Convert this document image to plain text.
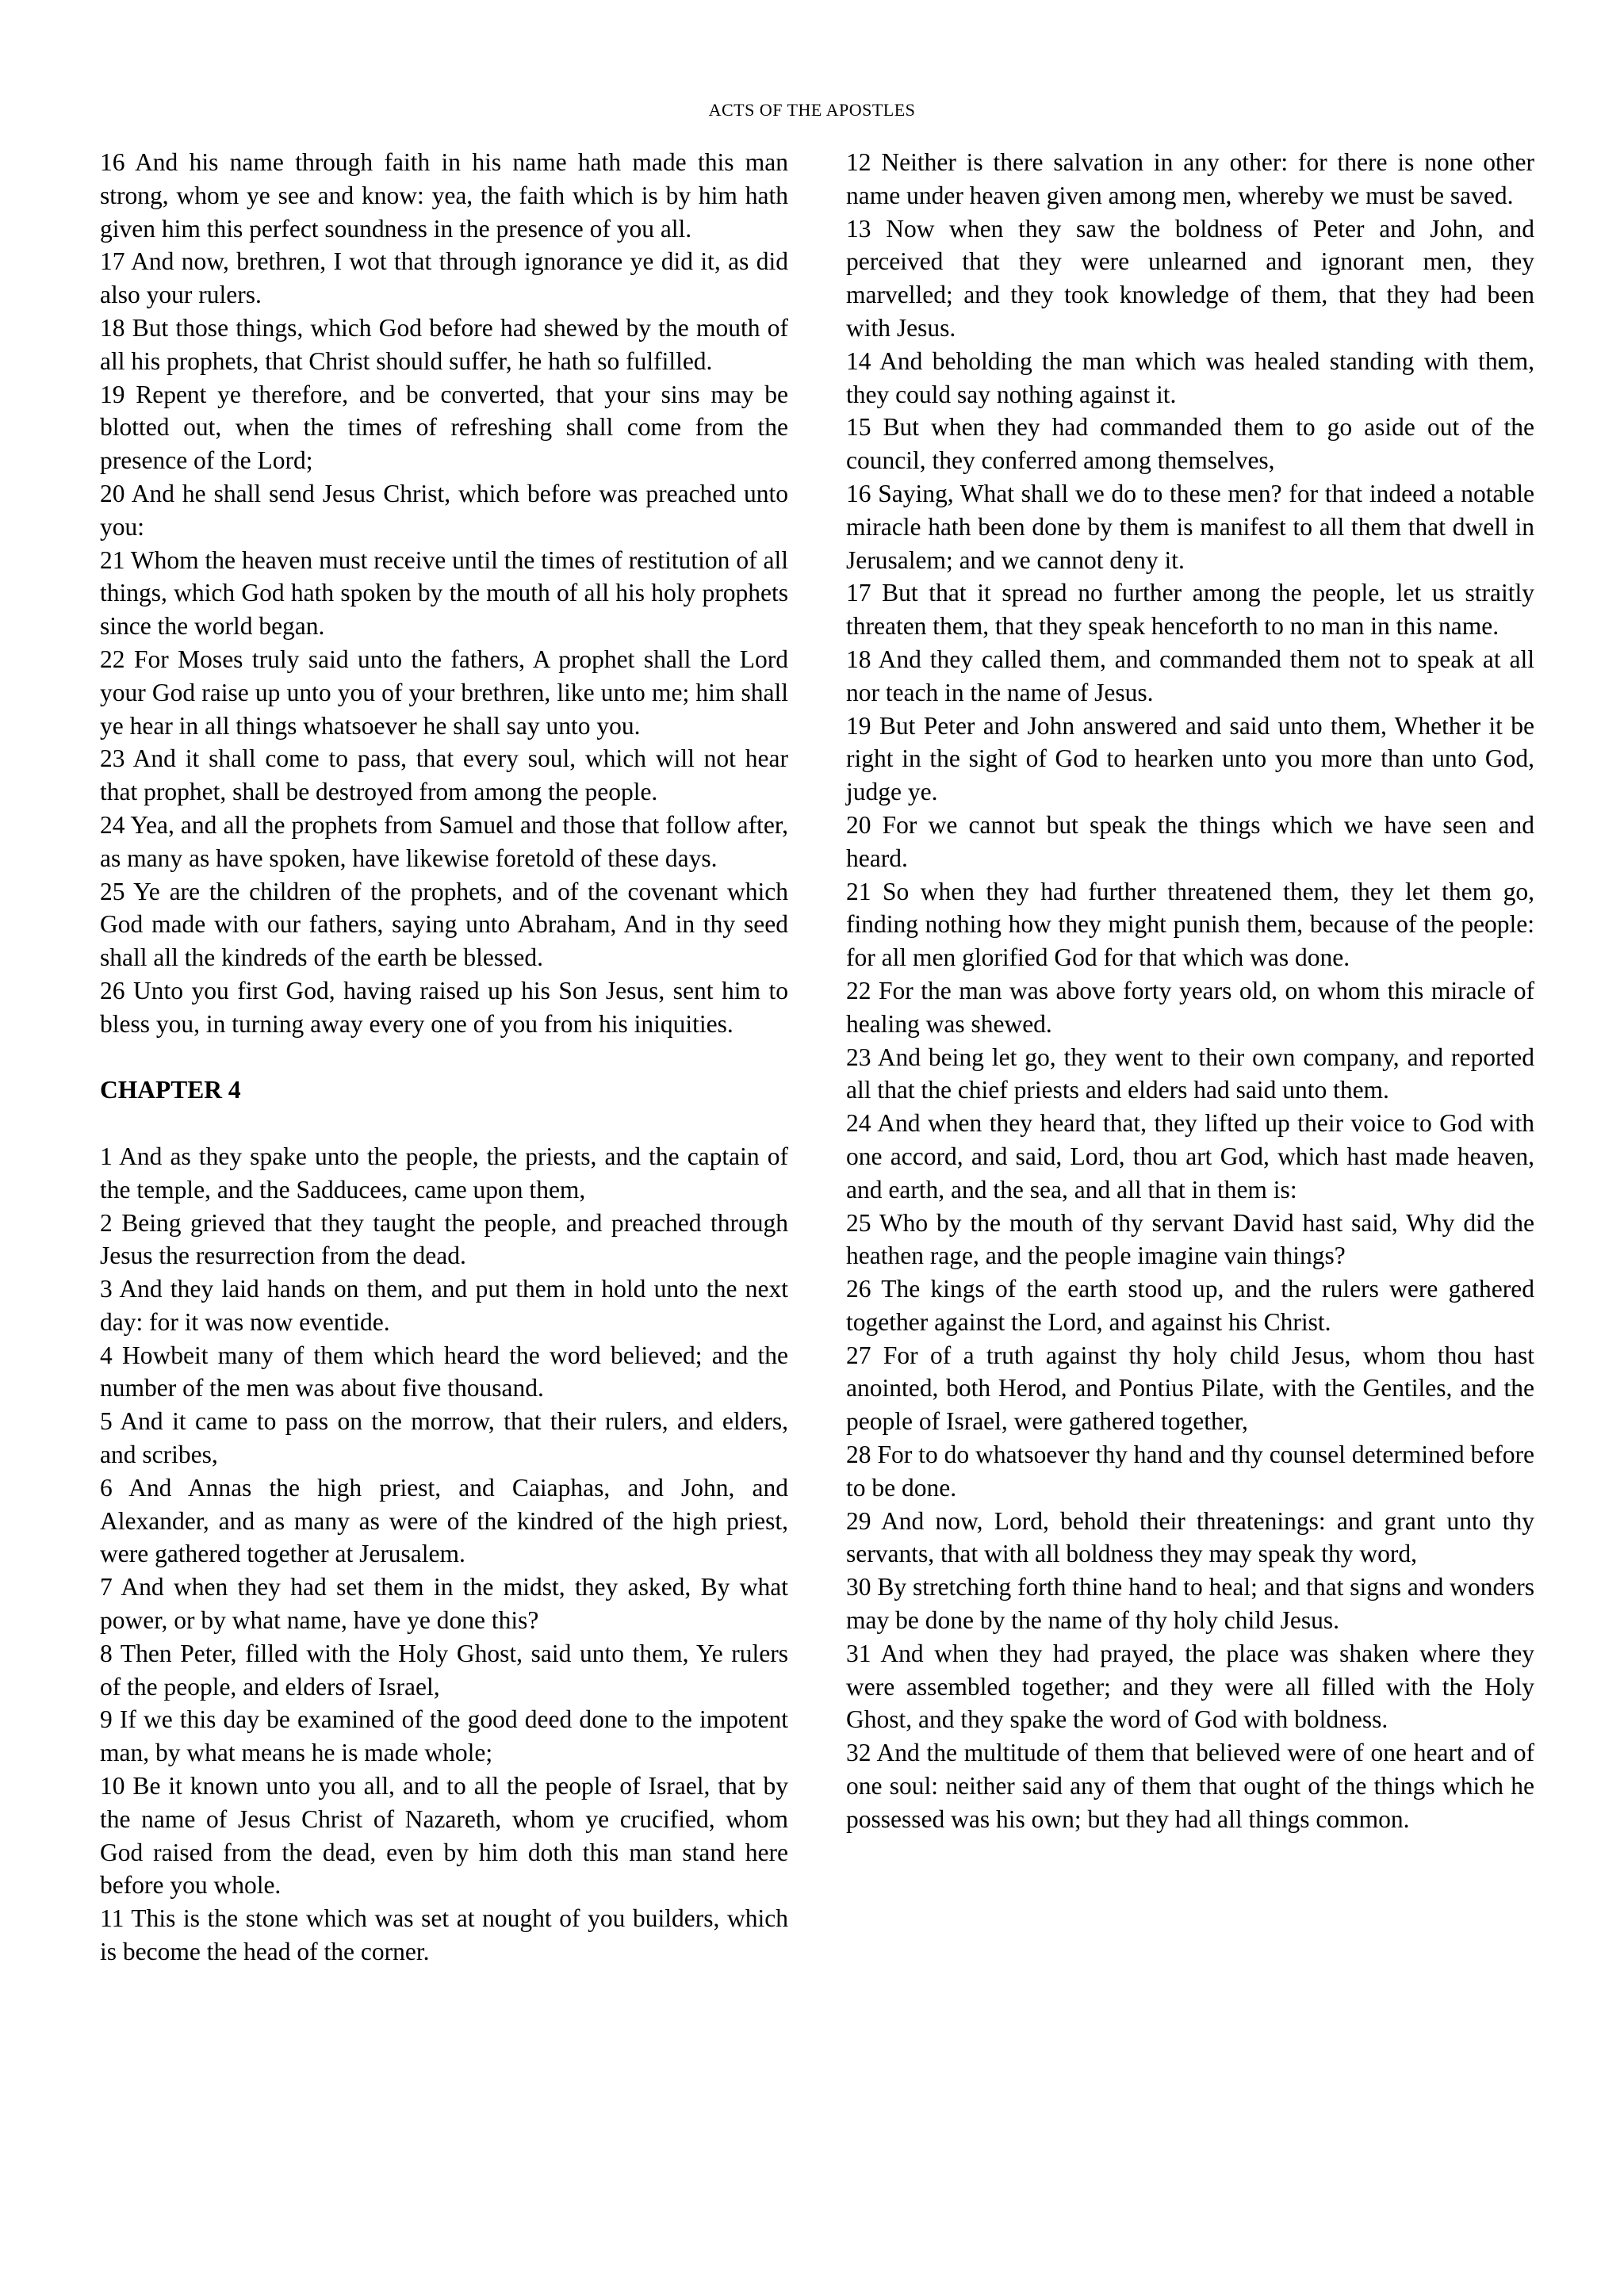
ACTS OF THE APOSTLES

16 And his name through faith in his name hath made this man strong, whom ye see and know: yea, the faith which is by him hath given him this perfect soundness in the presence of you all.

17 And now, brethren, I wot that through ignorance ye did it, as did also your rulers.

18 But those things, which God before had shewed by the mouth of all his prophets, that Christ should suffer, he hath so fulfilled.

19 Repent ye therefore, and be converted, that your sins may be blotted out, when the times of refreshing shall come from the presence of the Lord;

20 And he shall send Jesus Christ, which before was preached unto you:

21 Whom the heaven must receive until the times of restitution of all things, which God hath spoken by the mouth of all his holy prophets since the world began.

22 For Moses truly said unto the fathers, A prophet shall the Lord your God raise up unto you of your brethren, like unto me; him shall ye hear in all things whatsoever he shall say unto you.

23 And it shall come to pass, that every soul, which will not hear that prophet, shall be destroyed from among the people.

24 Yea, and all the prophets from Samuel and those that follow after, as many as have spoken, have likewise foretold of these days.

25 Ye are the children of the prophets, and of the covenant which God made with our fathers, saying unto Abraham, And in thy seed shall all the kindreds of the earth be blessed.

26 Unto you first God, having raised up his Son Jesus, sent him to bless you, in turning away every one of you from his iniquities.

CHAPTER 4

1 And as they spake unto the people, the priests, and the captain of the temple, and the Sadducees, came upon them,

2 Being grieved that they taught the people, and preached through Jesus the resurrection from the dead.

3 And they laid hands on them, and put them in hold unto the next day: for it was now eventide.

4 Howbeit many of them which heard the word believed; and the number of the men was about five thousand.

5 And it came to pass on the morrow, that their rulers, and elders, and scribes,

6 And Annas the high priest, and Caiaphas, and John, and Alexander, and as many as were of the kindred of the high priest, were gathered together at Jerusalem.

7 And when they had set them in the midst, they asked, By what power, or by what name, have ye done this?

8 Then Peter, filled with the Holy Ghost, said unto them, Ye rulers of the people, and elders of Israel,

9 If we this day be examined of the good deed done to the impotent man, by what means he is made whole;

10 Be it known unto you all, and to all the people of Israel, that by the name of Jesus Christ of Nazareth, whom ye crucified, whom God raised from the dead, even by him doth this man stand here before you whole.

11 This is the stone which was set at nought of you builders, which is become the head of the corner.

12 Neither is there salvation in any other: for there is none other name under heaven given among men, whereby we must be saved.

13 Now when they saw the boldness of Peter and John, and perceived that they were unlearned and ignorant men, they marvelled; and they took knowledge of them, that they had been with Jesus.

14 And beholding the man which was healed standing with them, they could say nothing against it.

15 But when they had commanded them to go aside out of the council, they conferred among themselves,

16 Saying, What shall we do to these men? for that indeed a notable miracle hath been done by them is manifest to all them that dwell in Jerusalem; and we cannot deny it.

17 But that it spread no further among the people, let us straitly threaten them, that they speak henceforth to no man in this name.

18 And they called them, and commanded them not to speak at all nor teach in the name of Jesus.

19 But Peter and John answered and said unto them, Whether it be right in the sight of God to hearken unto you more than unto God, judge ye.

20 For we cannot but speak the things which we have seen and heard.

21 So when they had further threatened them, they let them go, finding nothing how they might punish them, because of the people: for all men glorified God for that which was done.

22 For the man was above forty years old, on whom this miracle of healing was shewed.

23 And being let go, they went to their own company, and reported all that the chief priests and elders had said unto them.

24 And when they heard that, they lifted up their voice to God with one accord, and said, Lord, thou art God, which hast made heaven, and earth, and the sea, and all that in them is:

25 Who by the mouth of thy servant David hast said, Why did the heathen rage, and the people imagine vain things?

26 The kings of the earth stood up, and the rulers were gathered together against the Lord, and against his Christ.

27 For of a truth against thy holy child Jesus, whom thou hast anointed, both Herod, and Pontius Pilate, with the Gentiles, and the people of Israel, were gathered together,

28 For to do whatsoever thy hand and thy counsel determined before to be done.

29 And now, Lord, behold their threatenings: and grant unto thy servants, that with all boldness they may speak thy word,

30 By stretching forth thine hand to heal; and that signs and wonders may be done by the name of thy holy child Jesus.

31 And when they had prayed, the place was shaken where they were assembled together; and they were all filled with the Holy Ghost, and they spake the word of God with boldness.

32 And the multitude of them that believed were of one heart and of one soul: neither said any of them that ought of the things which he possessed was his own; but they had all things common.
